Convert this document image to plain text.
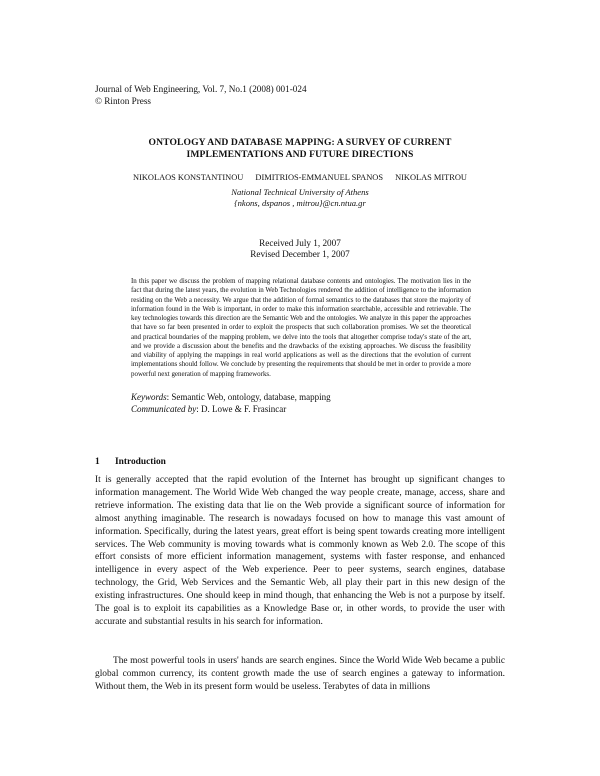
Journal of Web Engineering, Vol. 7, No.1 (2008) 001-024
© Rinton Press
ONTOLOGY AND DATABASE MAPPING: A SURVEY OF CURRENT
IMPLEMENTATIONS AND FUTURE DIRECTIONS
NIKOLAOS KONSTANTINOU DIMITRIOS-EMMANUEL SPANOS NIKOLAS MITROU
National Technical University of Athens
{nkons, dspanos , mitrou}@cn.ntua.gr
Received July 1, 2007
Revised December 1, 2007
In this paper we discuss the problem of mapping relational database contents and ontologies. The motivation lies in the fact that during the latest years, the evolution in Web Technologies rendered the addition of intelligence to the information residing on the Web a necessity. We argue that the addition of formal semantics to the databases that store the majority of information found in the Web is important, in order to make this information searchable, accessible and retrievable. The key technologies towards this direction are the Semantic Web and the ontologies. We analyze in this paper the approaches that have so far been presented in order to exploit the prospects that such collaboration promises. We set the theoretical and practical boundaries of the mapping problem, we delve into the tools that altogether comprise today's state of the art, and we provide a discussion about the benefits and the drawbacks of the existing approaches. We discuss the feasibility and viability of applying the mappings in real world applications as well as the directions that the evolution of current implementations should follow. We conclude by presenting the requirements that should be met in order to provide a more powerful next generation of mapping frameworks.
Keywords: Semantic Web, ontology, database, mapping
Communicated by: D. Lowe & F. Frasincar
1 Introduction
It is generally accepted that the rapid evolution of the Internet has brought up significant changes to information management. The World Wide Web changed the way people create, manage, access, share and retrieve information. The existing data that lie on the Web provide a significant source of information for almost anything imaginable. The research is nowadays focused on how to manage this vast amount of information. Specifically, during the latest years, great effort is being spent towards creating more intelligent services. The Web community is moving towards what is commonly known as Web 2.0. The scope of this effort consists of more efficient information management, systems with faster response, and enhanced intelligence in every aspect of the Web experience. Peer to peer systems, search engines, database technology, the Grid, Web Services and the Semantic Web, all play their part in this new design of the existing infrastructures. One should keep in mind though, that enhancing the Web is not a purpose by itself. The goal is to exploit its capabilities as a Knowledge Base or, in other words, to provide the user with accurate and substantial results in his search for information.
The most powerful tools in users' hands are search engines. Since the World Wide Web became a public global common currency, its content growth made the use of search engines a gateway to information. Without them, the Web in its present form would be useless. Terabytes of data in millions
